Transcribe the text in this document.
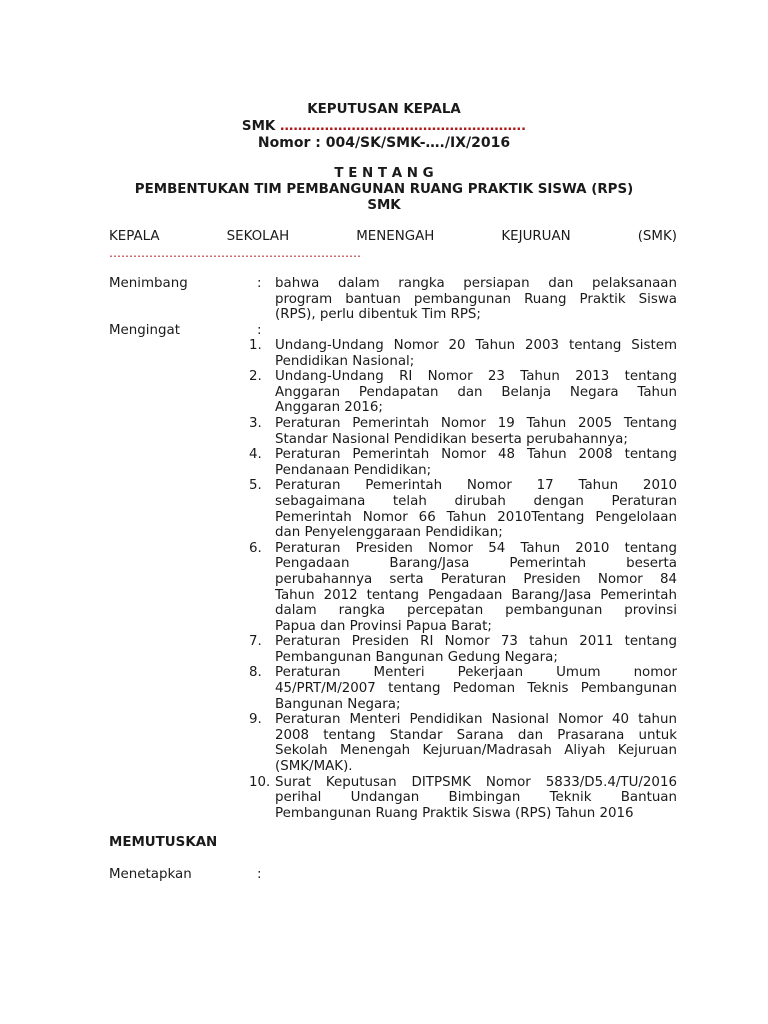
KEPUTUSAN KEPALA
SMK ……………………………………………….
Nomor : 004/SK/SMK-…./IX/2016
T E N T A N G
PEMBENTUKAN TIM PEMBANGUNAN RUANG PRAKTIK SISWA (RPS)
SMK
KEPALA	SEKOLAH	MENENGAH	KEJURUAN	(SMK)
………………………………………………………
Menimbang	: bahwa dalam rangka persiapan dan pelaksanaan
program bantuan pembangunan Ruang Praktik Siswa
(RPS), perlu dibentuk Tim RPS;
Mengingat	:
1. Undang-Undang Nomor 20 Tahun 2003 tentang Sistem
Pendidikan Nasional;
2. Undang-Undang RI Nomor 23 Tahun 2013 tentang
Anggaran Pendapatan dan Belanja Negara Tahun
Anggaran 2016;
3. Peraturan Pemerintah Nomor 19 Tahun 2005 Tentang
Standar Nasional Pendidikan beserta perubahannya;
4. Peraturan Pemerintah Nomor 48 Tahun 2008 tentang
Pendanaan Pendidikan;
5. Peraturan Pemerintah Nomor 17 Tahun 2010
sebagaimana telah dirubah dengan Peraturan
Pemerintah Nomor 66 Tahun 2010Tentang Pengelolaan
dan Penyelenggaraan Pendidikan;
6. Peraturan Presiden Nomor 54 Tahun 2010 tentang
Pengadaan Barang/Jasa Pemerintah beserta
perubahannya serta Peraturan Presiden Nomor 84
Tahun 2012 tentang Pengadaan Barang/Jasa Pemerintah
dalam rangka percepatan pembangunan provinsi
Papua dan Provinsi Papua Barat;
7. Peraturan Presiden RI Nomor 73 tahun 2011 tentang
Pembangunan Bangunan Gedung Negara;
8. Peraturan Menteri Pekerjaan Umum nomor
45/PRT/M/2007 tentang Pedoman Teknis Pembangunan
Bangunan Negara;
9. Peraturan Menteri Pendidikan Nasional Nomor 40 tahun
2008 tentang Standar Sarana dan Prasarana untuk
Sekolah Menengah Kejuruan/Madrasah Aliyah Kejuruan
(SMK/MAK).
10. Surat Keputusan DITPSMK Nomor 5833/D5.4/TU/2016
perihal Undangan Bimbingan Teknik Bantuan
Pembangunan Ruang Praktik Siswa (RPS) Tahun 2016
MEMUTUSKAN
Menetapkan	:
